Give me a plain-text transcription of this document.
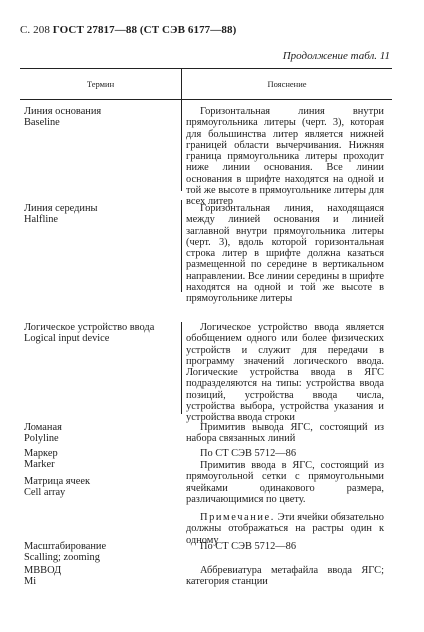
С. 208 ГОСТ 27817—88 (СТ СЭВ 6177—88)
Продолжение табл. 11
Термин	Пояснение

Линия основания

Baseline

Горизонтальная линия внутри прямоугольника литеры (черт. 3), которая для большинства литер является нижней границей области вычерчивания. Нижняя граница прямоугольника литеры проходит ниже линии основания. Все линии основания в шрифте находятся на одной и той же высоте в прямоугольнике литеры для всех литер

Линия середины

Halfline

Горизонтальная линия, находящаяся между линией основания и линией заглавной внутри прямоугольника литеры (черт. 3), вдоль которой горизонтальная строка литер в шрифте должна казаться размещенной по середине в вертикальном направлении. Все линии середины в шрифте находятся на одной и той же высоте в прямоугольнике литеры

Логическое устройство ввода

Logical input device

Логическое устройство ввода является обобщением одного или более физических устройств и служит для передачи в программу значений логического ввода. Логические устройства ввода в ЯГС подразделяются на типы: устройства ввода позиций, устройства ввода числа, устройства выбора, устройства указания и устройства ввода строки

Ломаная

Polyline

Примитив вывода ЯГС, состоящий из набора связанных линий

Маркер

Marker

По СТ СЭВ 5712—86

Матрица ячеек

Cell array

Примитив ввода в ЯГС, состоящий из прямоугольной сетки с прямоугольными ячейками одинакового размера, различающимися по цвету.

Примечание. Эти ячейки обязательно должны отображаться на растры один к одному

Масштабирование

Scalling; zooming

По СТ СЭВ 5712—86

МВВОД

Mi

Аббревиатура метафайла ввода ЯГС; категория станции
